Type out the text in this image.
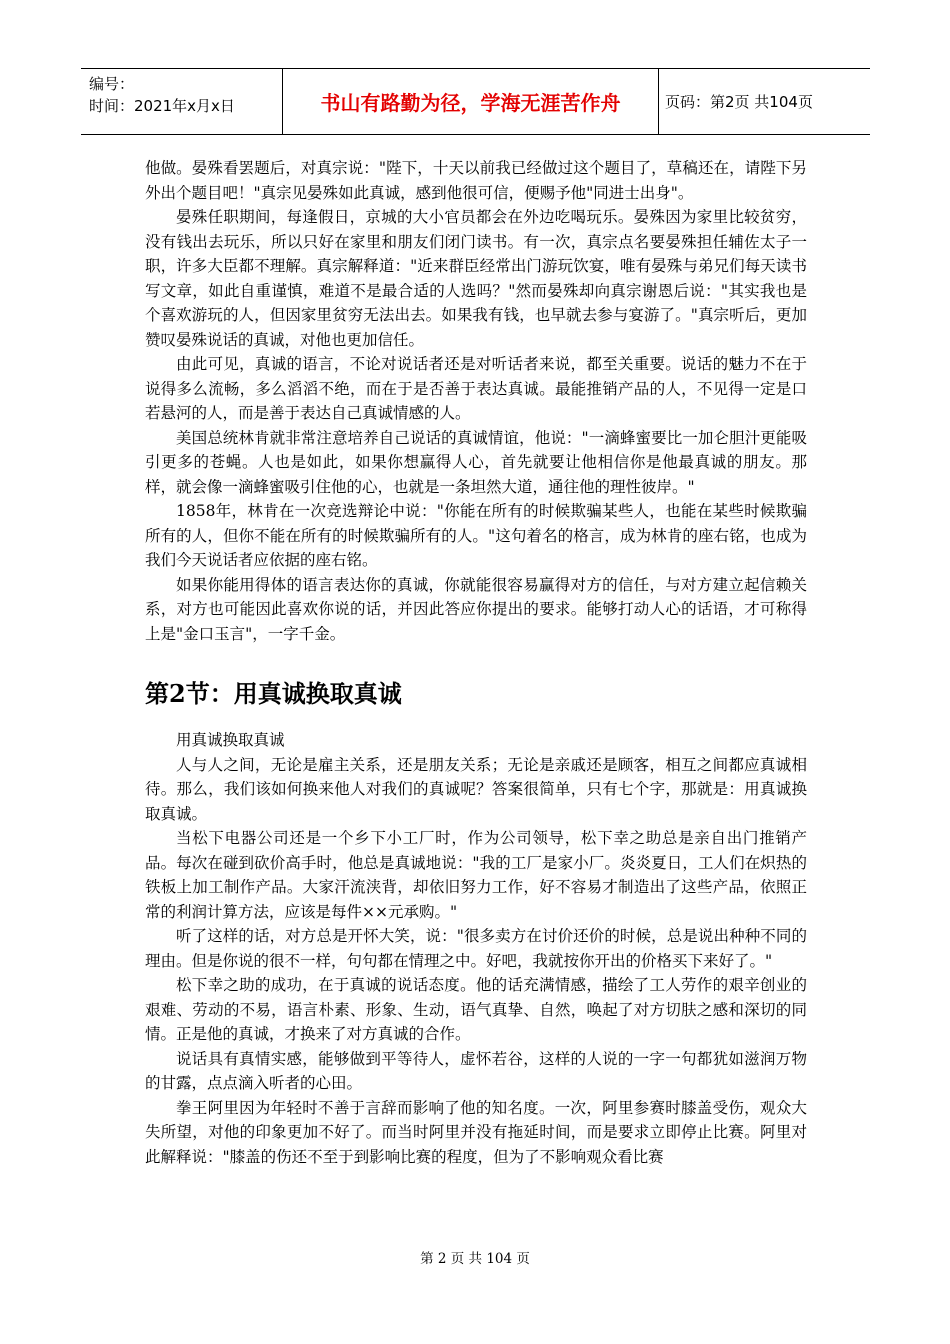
编号：
时间：2021年x月x日	书山有路勤为径，学海无涯苦作舟	页码：第2页 共104页

他做。晏殊看罢题后，对真宗说："陛下，十天以前我已经做过这个题目了，草稿还在，请陛下另外出个题目吧！"真宗见晏殊如此真诚，感到他很可信，便赐予他"同进士出身"。

晏殊任职期间，每逢假日，京城的大小官员都会在外边吃喝玩乐。晏殊因为家里比较贫穷，没有钱出去玩乐，所以只好在家里和朋友们闭门读书。有一次，真宗点名要晏殊担任辅佐太子一职，许多大臣都不理解。真宗解释道："近来群臣经常出门游玩饮宴，唯有晏殊与弟兄们每天读书写文章，如此自重谨慎，难道不是最合适的人选吗？"然而晏殊却向真宗谢恩后说："其实我也是个喜欢游玩的人，但因家里贫穷无法出去。如果我有钱，也早就去参与宴游了。"真宗听后，更加赞叹晏殊说话的真诚，对他也更加信任。

由此可见，真诚的语言，不论对说话者还是对听话者来说，都至关重要。说话的魅力不在于说得多么流畅，多么滔滔不绝，而在于是否善于表达真诚。最能推销产品的人，不见得一定是口若悬河的人，而是善于表达自己真诚情感的人。

美国总统林肯就非常注意培养自己说话的真诚情谊，他说："一滴蜂蜜要比一加仑胆汁更能吸引更多的苍蝇。人也是如此，如果你想赢得人心，首先就要让他相信你是他最真诚的朋友。那样，就会像一滴蜂蜜吸引住他的心，也就是一条坦然大道，通往他的理性彼岸。"

1858年，林肯在一次竞选辩论中说："你能在所有的时候欺骗某些人，也能在某些时候欺骗所有的人，但你不能在所有的时候欺骗所有的人。"这句着名的格言，成为林肯的座右铭，也成为我们今天说话者应依据的座右铭。

如果你能用得体的语言表达你的真诚，你就能很容易赢得对方的信任，与对方建立起信赖关系，对方也可能因此喜欢你说的话，并因此答应你提出的要求。能够打动人心的话语，才可称得上是"金口玉言"，一字千金。

第2节：用真诚换取真诚

用真诚换取真诚

人与人之间，无论是雇主关系，还是朋友关系；无论是亲戚还是顾客，相互之间都应真诚相待。那么，我们该如何换来他人对我们的真诚呢？答案很简单，只有七个字，那就是：用真诚换取真诚。

当松下电器公司还是一个乡下小工厂时，作为公司领导，松下幸之助总是亲自出门推销产品。每次在碰到砍价高手时，他总是真诚地说："我的工厂是家小厂。炎炎夏日，工人们在炽热的铁板上加工制作产品。大家汗流浃背，却依旧努力工作，好不容易才制造出了这些产品，依照正常的利润计算方法，应该是每件××元承购。"

听了这样的话，对方总是开怀大笑，说："很多卖方在讨价还价的时候，总是说出种种不同的理由。但是你说的很不一样，句句都在情理之中。好吧，我就按你开出的价格买下来好了。"

松下幸之助的成功，在于真诚的说话态度。他的话充满情感，描绘了工人劳作的艰辛创业的艰难、劳动的不易，语言朴素、形象、生动，语气真挚、自然，唤起了对方切肤之感和深切的同情。正是他的真诚，才换来了对方真诚的合作。

说话具有真情实感，能够做到平等待人，虚怀若谷，这样的人说的一字一句都犹如滋润万物的甘露，点点滴入听者的心田。

拳王阿里因为年轻时不善于言辞而影响了他的知名度。一次，阿里参赛时膝盖受伤，观众大失所望，对他的印象更加不好了。而当时阿里并没有拖延时间，而是要求立即停止比赛。阿里对此解释说："膝盖的伤还不至于到影响比赛的程度，但为了不影响观众看比赛

第 2 页 共 104 页
